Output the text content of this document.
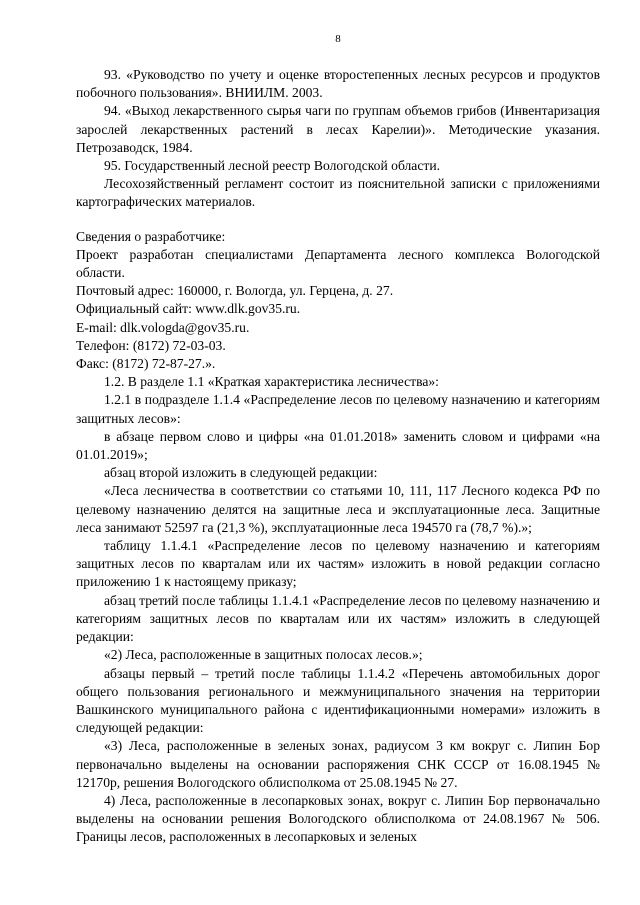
8

93. «Руководство по учету и оценке второстепенных лесных ресурсов и продуктов побочного пользования». ВНИИЛМ. 2003.

94. «Выход лекарственного сырья чаги по группам объемов грибов (Инвентаризация зарослей лекарственных растений в лесах Карелии)». Методические указания. Петрозаводск, 1984.

95. Государственный лесной реестр Вологодской области.

Лесохозяйственный регламент состоит из пояснительной записки с приложениями картографических материалов.

Сведения о разработчике:

Проект разработан специалистами Департамента лесного комплекса Вологодской области.

Почтовый адрес: 160000, г. Вологда, ул. Герцена, д. 27.

Официальный сайт: www.dlk.gov35.ru.

E-mail: dlk.vologda@gov35.ru.

Телефон: (8172) 72-03-03.

Факс: (8172) 72-87-27.».

1.2. В разделе 1.1 «Краткая характеристика лесничества»:

1.2.1 в подразделе 1.1.4 «Распределение лесов по целевому назначению и категориям защитных лесов»:

в абзаце первом слово и цифры «на 01.01.2018» заменить словом и цифрами «на 01.01.2019»;

абзац второй изложить в следующей редакции:

«Леса лесничества в соответствии со статьями 10, 111, 117 Лесного кодекса РФ по целевому назначению делятся на защитные леса и эксплуатационные леса. Защитные леса занимают 52597 га (21,3 %), эксплуатационные леса 194570 га (78,7 %).»;

таблицу 1.1.4.1 «Распределение лесов по целевому назначению и категориям защитных лесов по кварталам или их частям» изложить в новой редакции согласно приложению 1 к настоящему приказу;

абзац третий после таблицы 1.1.4.1 «Распределение лесов по целевому назначению и категориям защитных лесов по кварталам или их частям» изложить в следующей редакции:

«2) Леса, расположенные в защитных полосах лесов.»;

абзацы первый – третий после таблицы 1.1.4.2 «Перечень автомобильных дорог общего пользования регионального и межмуниципального значения на территории Вашкинского муниципального района с идентификационными номерами» изложить в следующей редакции:

«3) Леса, расположенные в зеленых зонах, радиусом 3 км вокруг с. Липин Бор первоначально выделены на основании распоряжения СНК СССР от 16.08.1945 № 12170р, решения Вологодского облисполкома от 25.08.1945 № 27.

4) Леса, расположенные в лесопарковых зонах, вокруг с. Липин Бор первоначально выделены на основании решения Вологодского облисполкома от 24.08.1967 № 506. Границы лесов, расположенных в лесопарковых и зеленых
